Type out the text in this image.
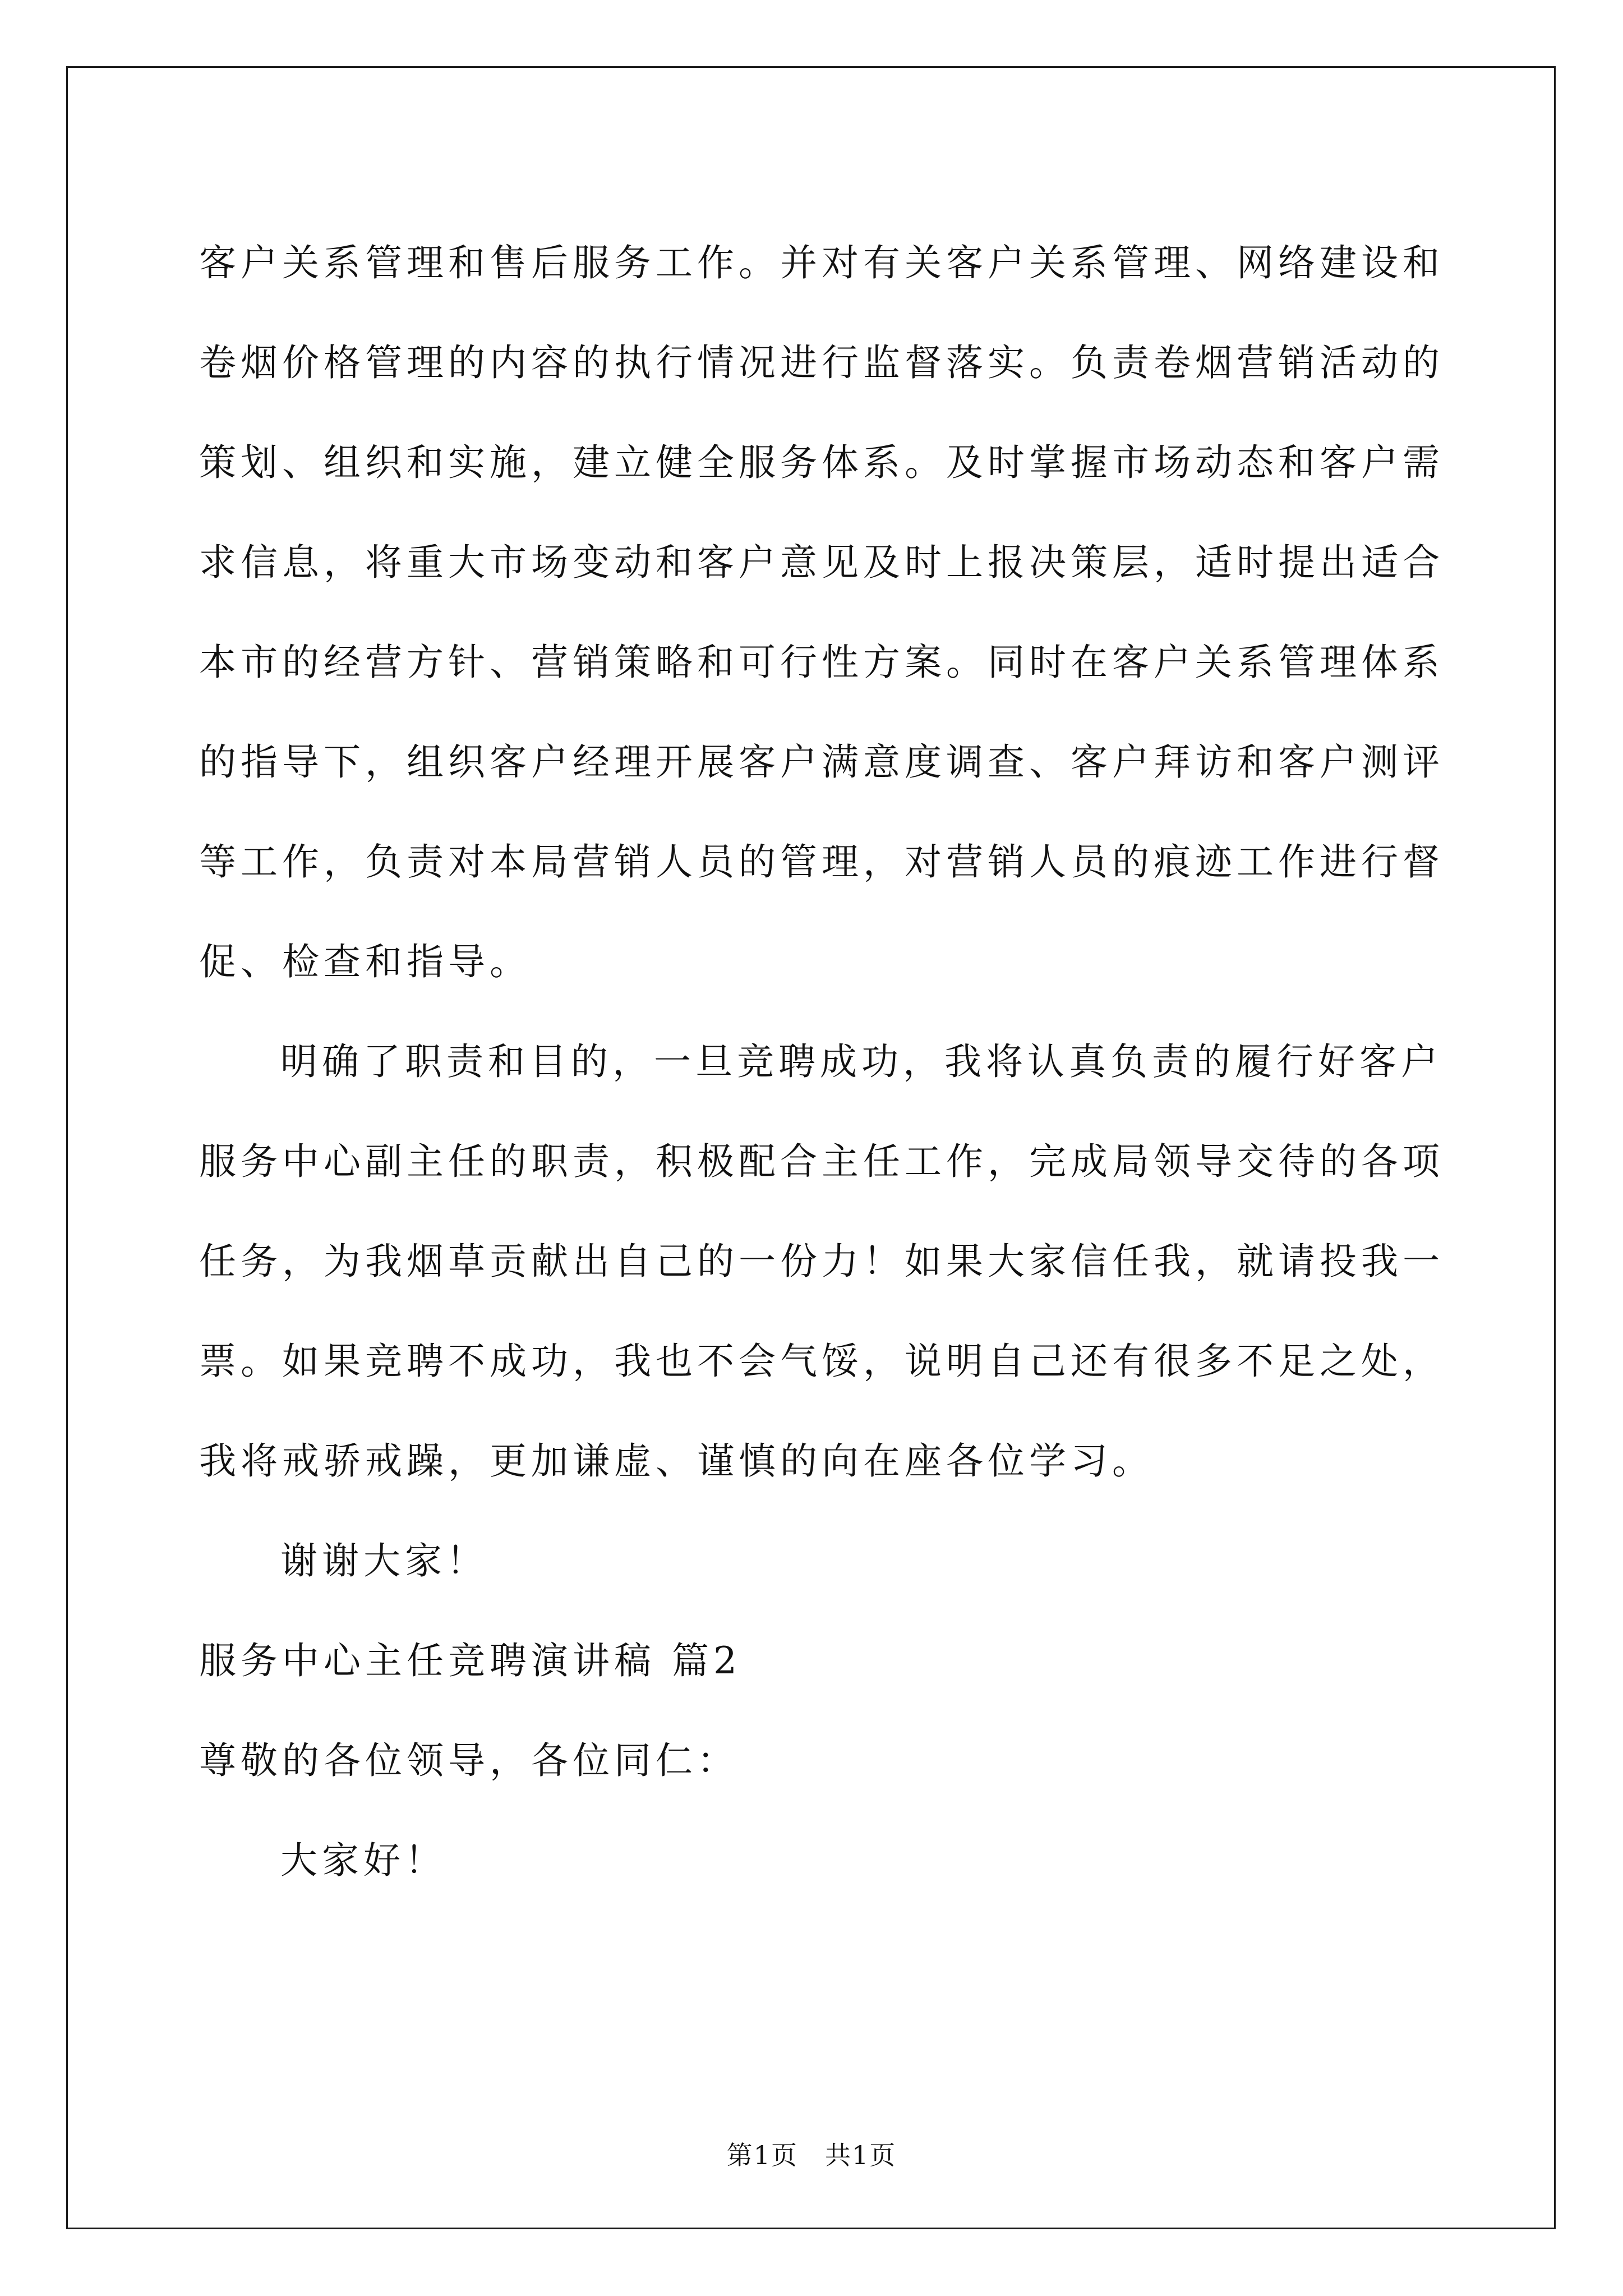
客户关系管理和售后服务工作。并对有关客户关系管理、网络建设和
卷烟价格管理的内容的执行情况进行监督落实。负责卷烟营销活动的
策划、组织和实施，建立健全服务体系。及时掌握市场动态和客户需
求信息，将重大市场变动和客户意见及时上报决策层，适时提出适合
本市的经营方针、营销策略和可行性方案。同时在客户关系管理体系
的指导下，组织客户经理开展客户满意度调查、客户拜访和客户测评
等工作，负责对本局营销人员的管理，对营销人员的痕迹工作进行督
促、检查和指导。
明确了职责和目的，一旦竞聘成功，我将认真负责的履行好客户
服务中心副主任的职责，积极配合主任工作，完成局领导交待的各项
任务，为我烟草贡献出自己的一份力！如果大家信任我，就请投我一
票。如果竞聘不成功，我也不会气馁，说明自己还有很多不足之处，
我将戒骄戒躁，更加谦虚、谨慎的向在座各位学习。
谢谢大家！
服务中心主任竞聘演讲稿 篇2
尊敬的各位领导，各位同仁：
大家好！
第1页　共1页
